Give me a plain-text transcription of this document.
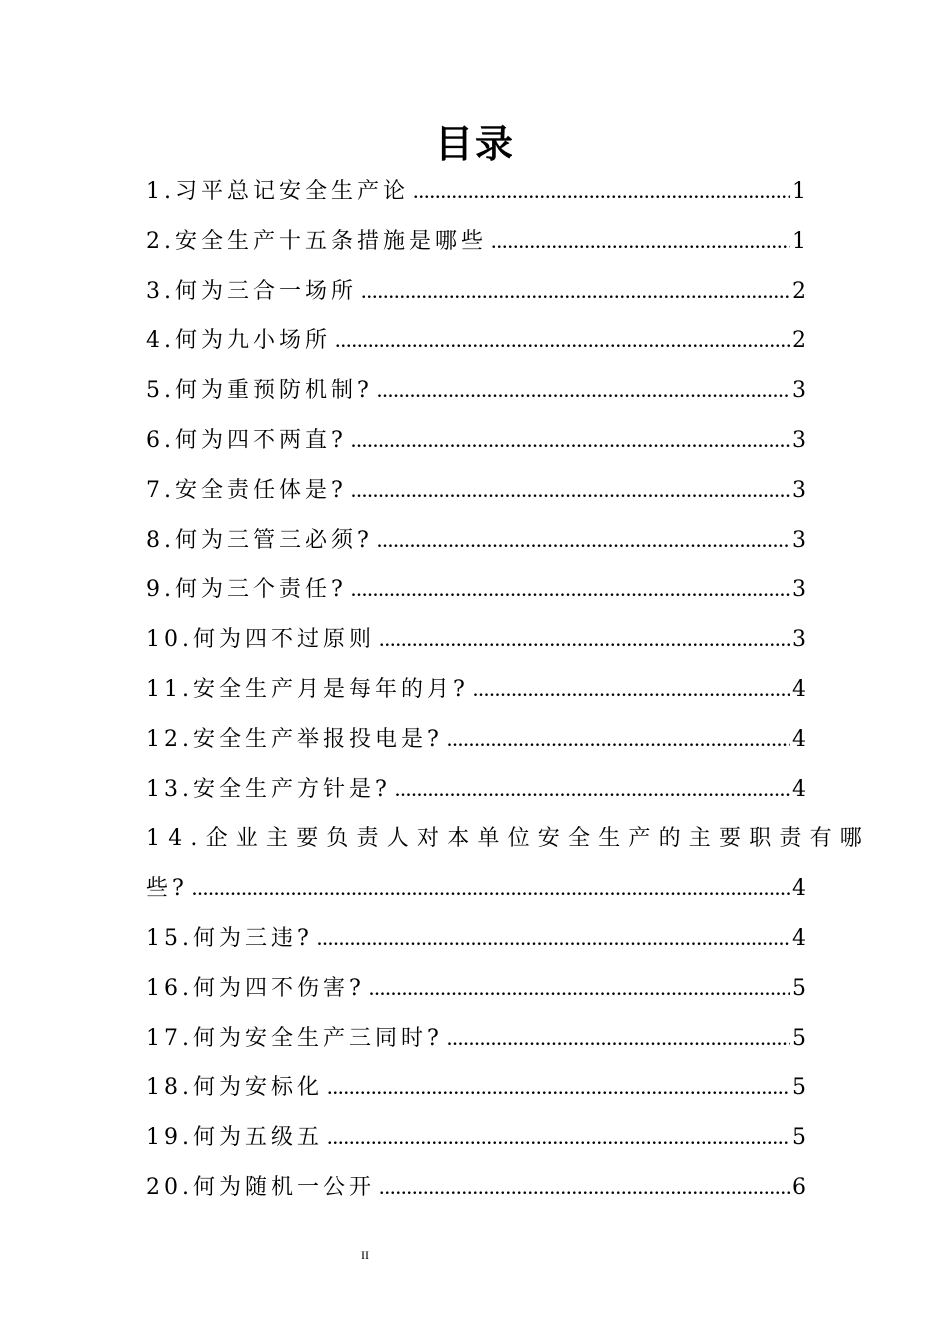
目录
1.习平总记安全生产论 .....	1
2.安全生产十五条措施是哪些 .....	1
3.何为三合一场所 .....	2
4.何为九小场所 .....	2
5.何为重预防机制? .....	3
6.何为四不两直? .....	3
7.安全责任体是? .....	3
8.何为三管三必须? .....	3
9.何为三个责任? .....	3
10.何为四不过原则 .....	3
11.安全生产月是每年的月? .....	4
12.安全生产举报投电是? .....	4
13.安全生产方针是? .....	4
14.企业主要负责人对本单位安全生产的主要职责有哪
些? .....	4
15.何为三违? .....	4
16.何为四不伤害? .....	5
17.何为安全生产三同时? .....	5
18.何为安标化 .....	5
19.何为五级五 .....	5
20.何为随机一公开 .....	6
II
